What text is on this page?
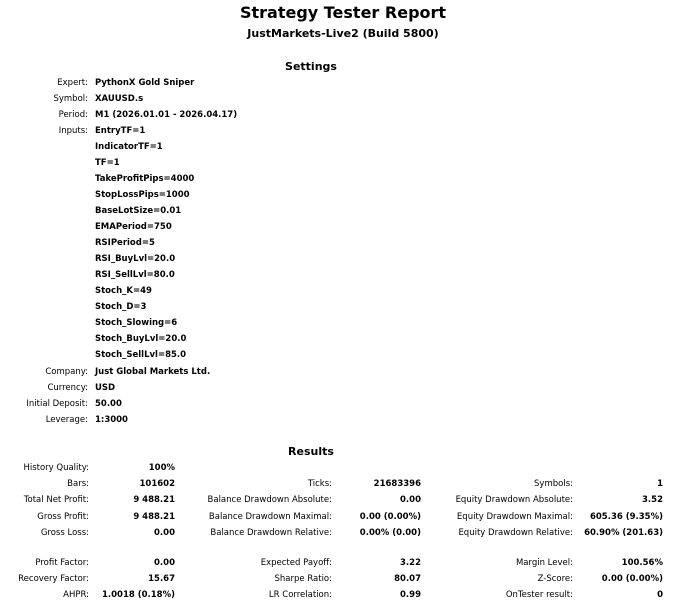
Strategy Tester Report
JustMarkets-Live2 (Build 5800)
Settings
Expert: PythonX Gold Sniper
Symbol: XAUUSD.s
Period: M1 (2026.01.01 - 2026.04.17)
Inputs: EntryTF=1
IndicatorTF=1
TF=1
TakeProfitPips=4000
StopLossPips=1000
BaseLotSize=0.01
EMAPeriod=750
RSIPeriod=5
RSI_BuyLvl=20.0
RSI_SellLvl=80.0
Stoch_K=49
Stoch_D=3
Stoch_Slowing=6
Stoch_BuyLvl=20.0
Stoch_SellLvl=85.0
Company: Just Global Markets Ltd.
Currency: USD
Initial Deposit: 50.00
Leverage: 1:3000
Results
History Quality:	100%
Bars:	101602	Ticks:	21683396	Symbols:	1
Total Net Profit:	9 488.21	Balance Drawdown Absolute:	0.00	Equity Drawdown Absolute:	3.52
Gross Profit:	9 488.21	Balance Drawdown Maximal:	0.00 (0.00%)	Equity Drawdown Maximal:	605.36 (9.35%)
Gross Loss:	0.00	Balance Drawdown Relative:	0.00% (0.00)	Equity Drawdown Relative:	60.90% (201.63)
Profit Factor:	0.00	Expected Payoff:	3.22	Margin Level:	100.56%
Recovery Factor:	15.67	Sharpe Ratio:	80.07	Z-Score:	0.00 (0.00%)
AHPR:	1.0018 (0.18%)	LR Correlation:	0.99	OnTester result:	0
